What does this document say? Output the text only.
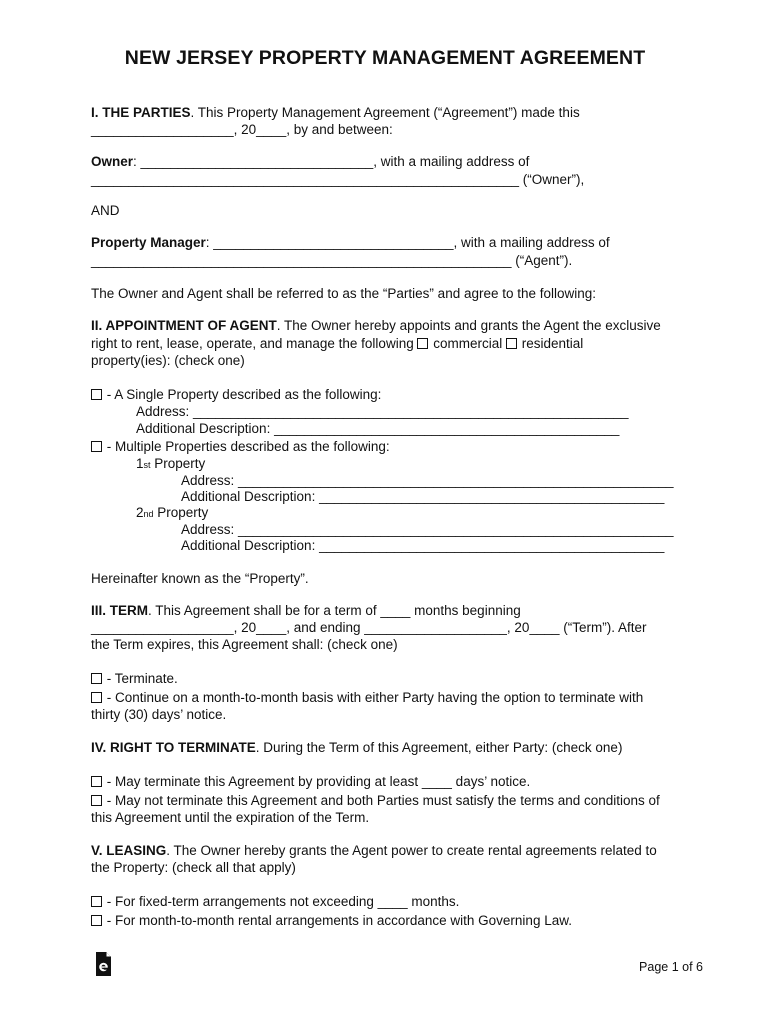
NEW JERSEY PROPERTY MANAGEMENT AGREEMENT
I. THE PARTIES. This Property Management Agreement (“Agreement”) made this
___________________, 20____, by and between:
Owner: _______________________________, with a mailing address of
_________________________________________________________ (“Owner”),
AND
Property Manager: ________________________________, with a mailing address of
________________________________________________________ (“Agent”).
The Owner and Agent shall be referred to as the “Parties” and agree to the following:
II. APPOINTMENT OF AGENT. The Owner hereby appoints and grants the Agent the exclusive
right to rent, lease, operate, and manage the following  commercial  residential
property(ies): (check one)
- A Single Property described as the following:
Address: __________________________________________________________
Additional Description: ______________________________________________
- Multiple Properties described as the following:
1st Property
Address: __________________________________________________________
Additional Description: ______________________________________________
2nd Property
Address: __________________________________________________________
Additional Description: ______________________________________________
Hereinafter known as the “Property”.
III. TERM. This Agreement shall be for a term of ____ months beginning
___________________, 20____, and ending ___________________, 20____ (“Term”). After
the Term expires, this Agreement shall: (check one)
- Terminate.
- Continue on a month-to-month basis with either Party having the option to terminate with
thirty (30) days’ notice.
IV. RIGHT TO TERMINATE. During the Term of this Agreement, either Party: (check one)
- May terminate this Agreement by providing at least ____ days’ notice.
- May not terminate this Agreement and both Parties must satisfy the terms and conditions of
this Agreement until the expiration of the Term.
V. LEASING. The Owner hereby grants the Agent power to create rental agreements related to
the Property: (check all that apply)
- For fixed-term arrangements not exceeding ____ months.
- For month-to-month rental arrangements in accordance with Governing Law.
Page 1 of 6
